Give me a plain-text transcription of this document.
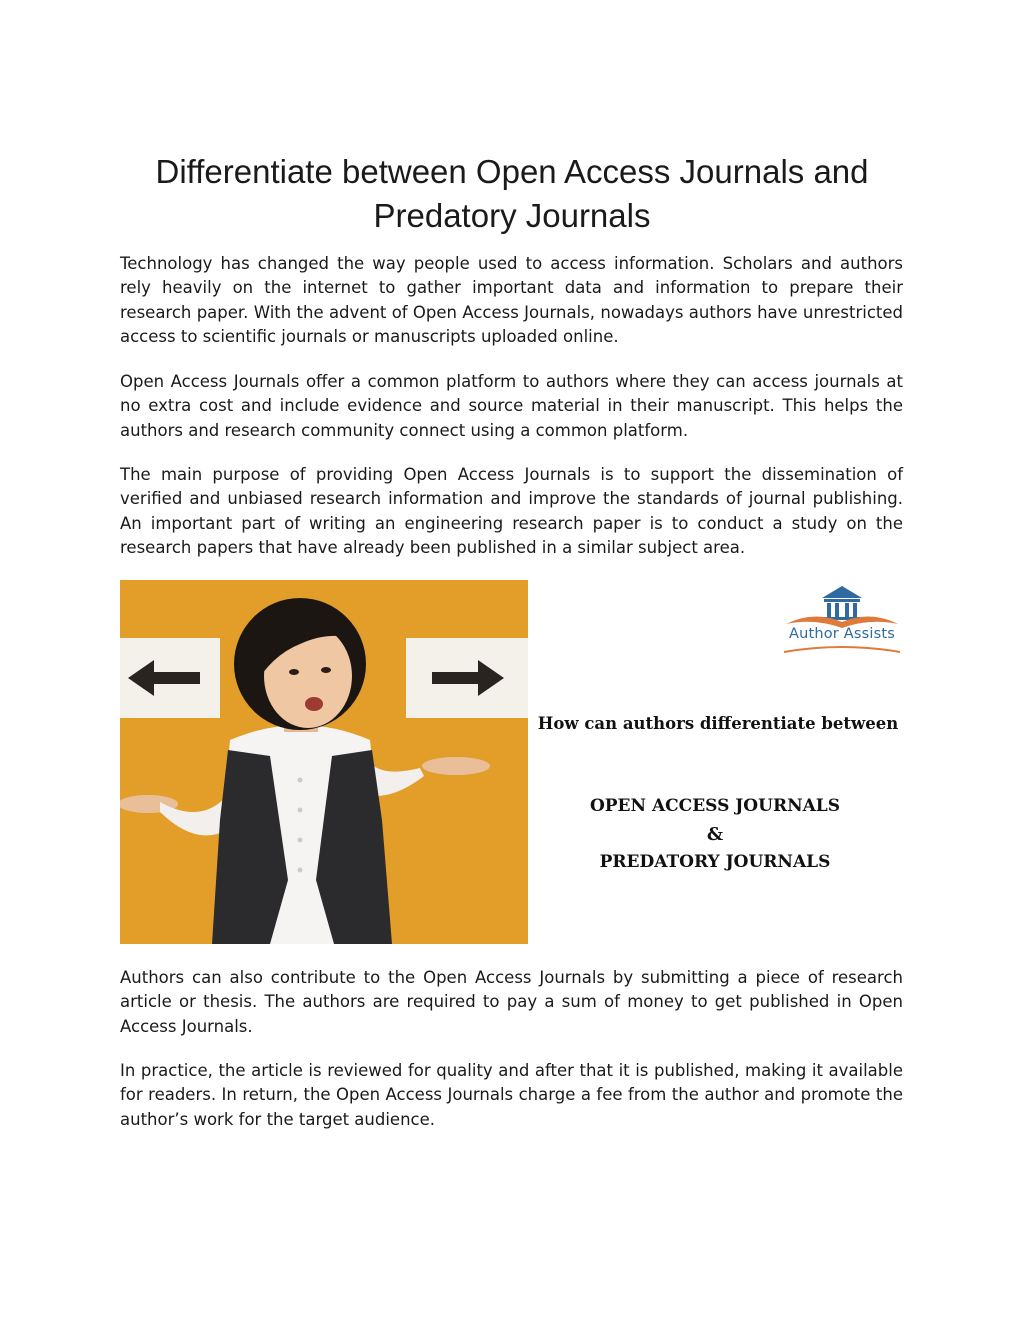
Differentiate between Open Access Journals and Predatory Journals

Technology has changed the way people used to access information. Scholars and authors rely heavily on the internet to gather important data and information to prepare their research paper. With the advent of Open Access Journals, nowadays authors have unrestricted access to scientific journals or manuscripts uploaded online.

Open Access Journals offer a common platform to authors where they can access journals at no extra cost and include evidence and source material in their manuscript. This helps the authors and research community connect using a common platform.

The main purpose of providing Open Access Journals is to support the dissemination of verified and unbiased research information and improve the standards of journal publishing. An important part of writing an engineering research paper is to conduct a study on the research papers that have already been published in a similar subject area.

Author Assists
How can authors differentiate between
OPEN ACCESS JOURNALS
&
PREDATORY JOURNALS

Authors can also contribute to the Open Access Journals by submitting a piece of research article or thesis. The authors are required to pay a sum of money to get published in Open Access Journals.

In practice, the article is reviewed for quality and after that it is published, making it available for readers. In return, the Open Access Journals charge a fee from the author and promote the author’s work for the target audience.
